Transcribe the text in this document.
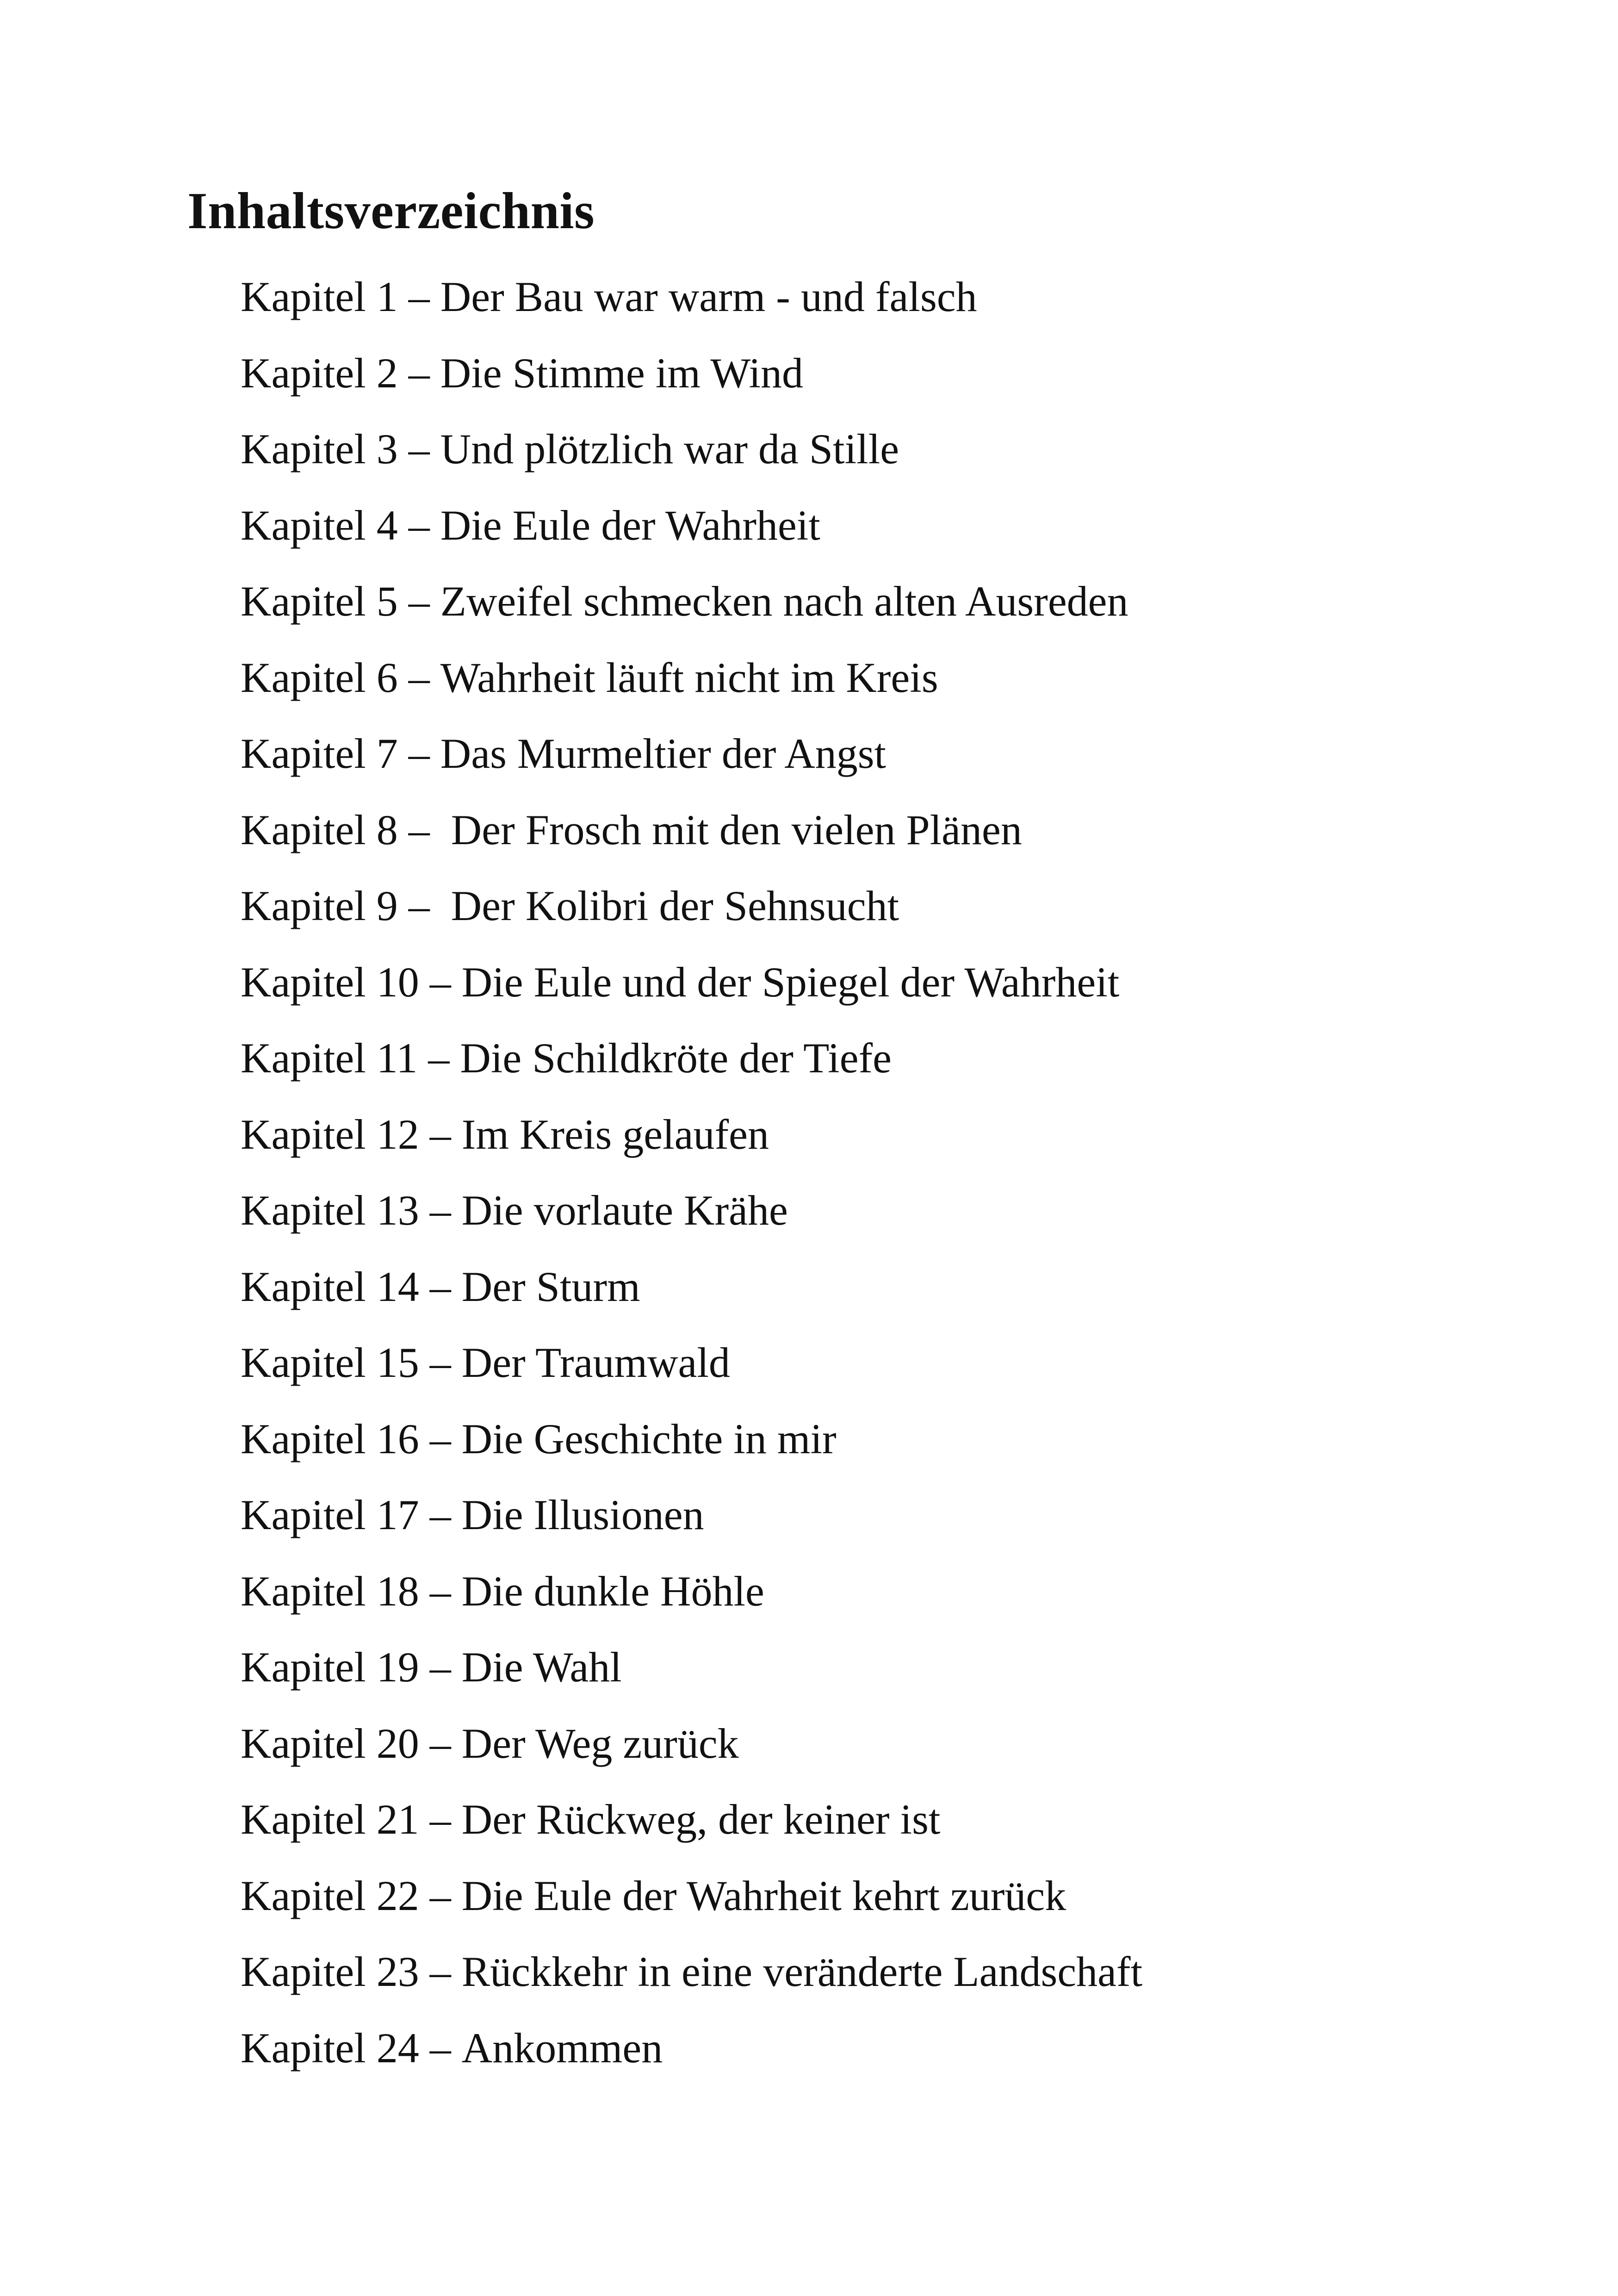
Inhaltsverzeichnis
Kapitel 1 – Der Bau war warm - und falsch
Kapitel 2 – Die Stimme im Wind
Kapitel 3 – Und plötzlich war da Stille
Kapitel 4 – Die Eule der Wahrheit
Kapitel 5 – Zweifel schmecken nach alten Ausreden
Kapitel 6 – Wahrheit läuft nicht im Kreis
Kapitel 7 – Das Murmeltier der Angst
Kapitel 8 – Der Frosch mit den vielen Plänen
Kapitel 9 – Der Kolibri der Sehnsucht
Kapitel 10 – Die Eule und der Spiegel der Wahrheit
Kapitel 11 – Die Schildkröte der Tiefe
Kapitel 12 – Im Kreis gelaufen
Kapitel 13 – Die vorlaute Krähe
Kapitel 14 – Der Sturm
Kapitel 15 – Der Traumwald
Kapitel 16 – Die Geschichte in mir
Kapitel 17 – Die Illusionen
Kapitel 18 – Die dunkle Höhle
Kapitel 19 – Die Wahl
Kapitel 20 – Der Weg zurück
Kapitel 21 – Der Rückweg, der keiner ist
Kapitel 22 – Die Eule der Wahrheit kehrt zurück
Kapitel 23 – Rückkehr in eine veränderte Landschaft
Kapitel 24 – Ankommen
